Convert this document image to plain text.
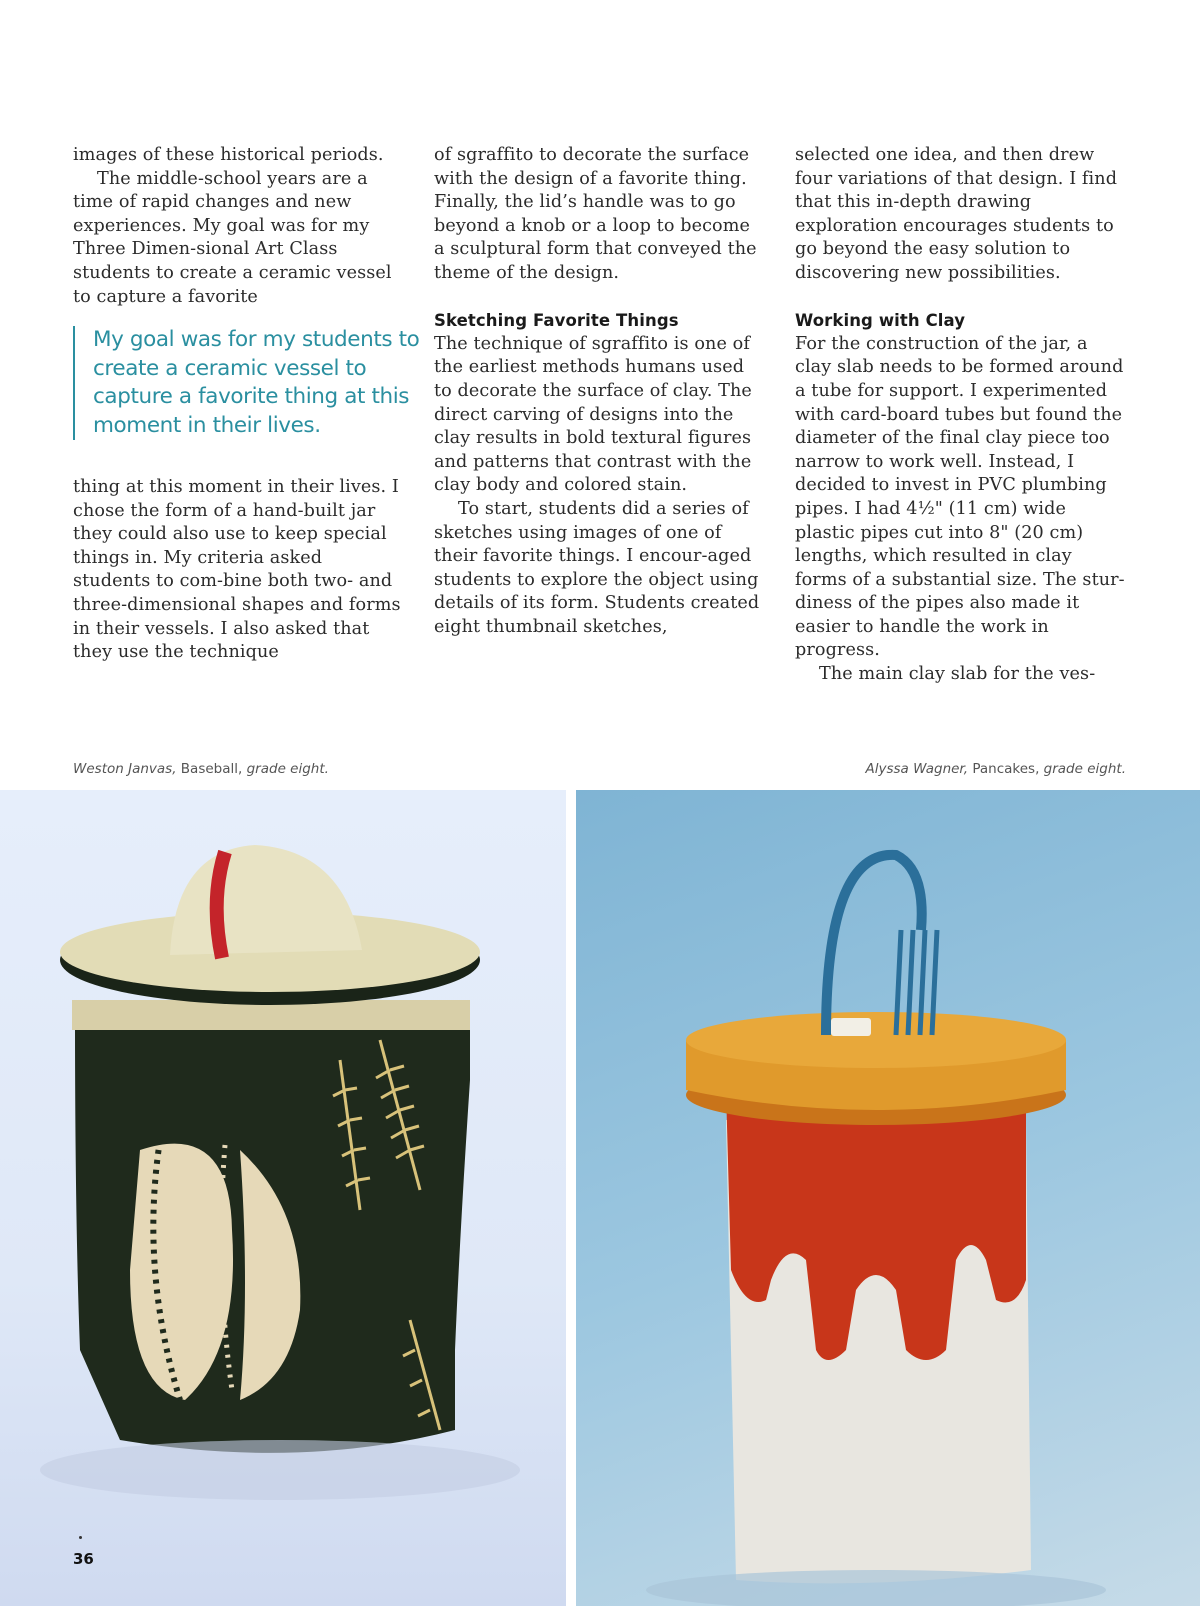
images of these historical periods.

The middle-school years are a time of rapid changes and new experiences. My goal was for my Three Dimen-sional Art Class students to create a ceramic vessel to capture a favorite

My goal was for my students to create a ceramic vessel to capture a favorite thing at this moment in their lives.

thing at this moment in their lives. I chose the form of a hand-built jar they could also use to keep special things in. My criteria asked students to com-bine both two- and three-dimensional shapes and forms in their vessels. I also asked that they use the technique

of sgraffito to decorate the surface with the design of a favorite thing. Finally, the lid’s handle was to go beyond a knob or a loop to become a sculptural form that conveyed the theme of the design.

Sketching Favorite Things

The technique of sgraffito is one of the earliest methods humans used to decorate the surface of clay. The direct carving of designs into the clay results in bold textural figures and patterns that contrast with the clay body and colored stain.

To start, students did a series of sketches using images of one of their favorite things. I encour-aged students to explore the object using details of its form. Students created eight thumbnail sketches,

selected one idea, and then drew four variations of that design. I find that this in-depth drawing exploration encourages students to go beyond the easy solution to discovering new possibilities.

Working with Clay

For the construction of the jar, a clay slab needs to be formed around a tube for support. I experimented with card-board tubes but found the diameter of the final clay piece too narrow to work well. Instead, I decided to invest in PVC plumbing pipes. I had 4½" (11 cm) wide plastic pipes cut into 8" (20 cm) lengths, which resulted in clay forms of a substantial size. The stur-diness of the pipes also made it easier to handle the work in progress.

The main clay slab for the ves-

Weston Janvas, Baseball, grade eight.	Alyssa Wagner, Pancakes, grade eight.
36
